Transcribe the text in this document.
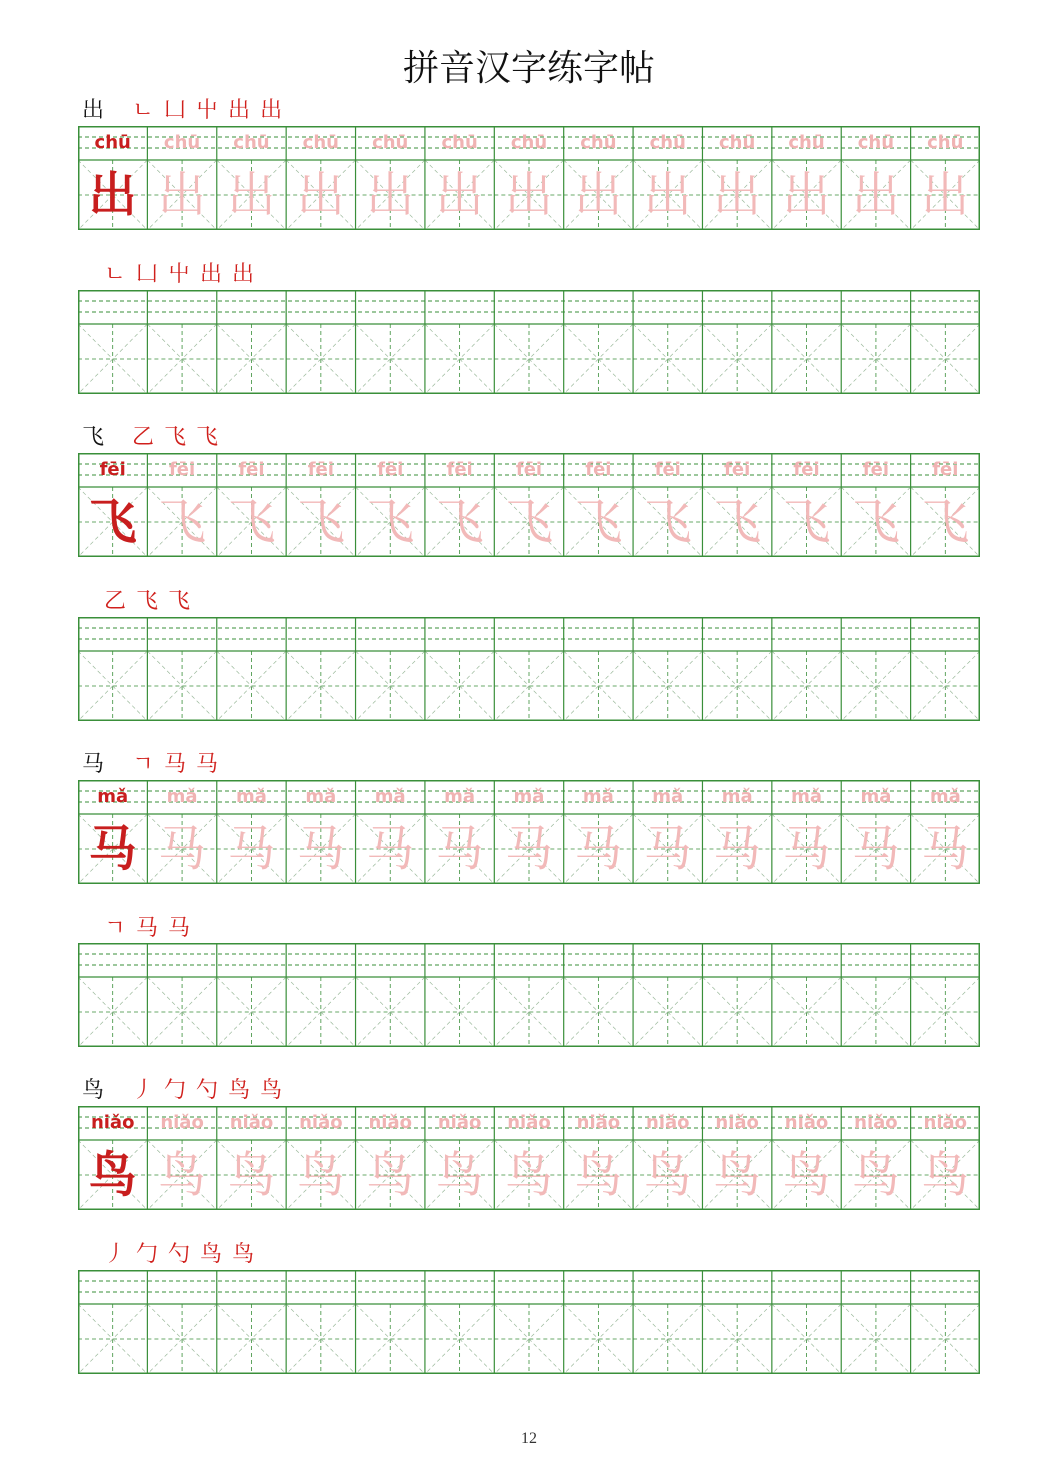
拼音汉字练字帖
出 ㄴ 凵 屮 出 出
chū
出
chū
出
chū
出
chū
出
chū
出
chū
出
chū
出
chū
出
chū
出
chū
出
chū
出
chū
出
chū
出
ㄴ 凵 屮 出 出
飞 乙 飞 飞
fēi
飞
fēi
飞
fēi
飞
fēi
飞
fēi
飞
fēi
飞
fēi
飞
fēi
飞
fēi
飞
fēi
飞
fēi
飞
fēi
飞
fēi
飞
乙 飞 飞
马 ㄱ 马 马
mǎ
马
mǎ
马
mǎ
马
mǎ
马
mǎ
马
mǎ
马
mǎ
马
mǎ
马
mǎ
马
mǎ
马
mǎ
马
mǎ
马
mǎ
马
ㄱ 马 马
鸟 丿 勹 勺 鸟 鸟
niǎo
鸟
niǎo
鸟
niǎo
鸟
niǎo
鸟
niǎo
鸟
niǎo
鸟
niǎo
鸟
niǎo
鸟
niǎo
鸟
niǎo
鸟
niǎo
鸟
niǎo
鸟
niǎo
鸟
丿 勹 勺 鸟 鸟
12
